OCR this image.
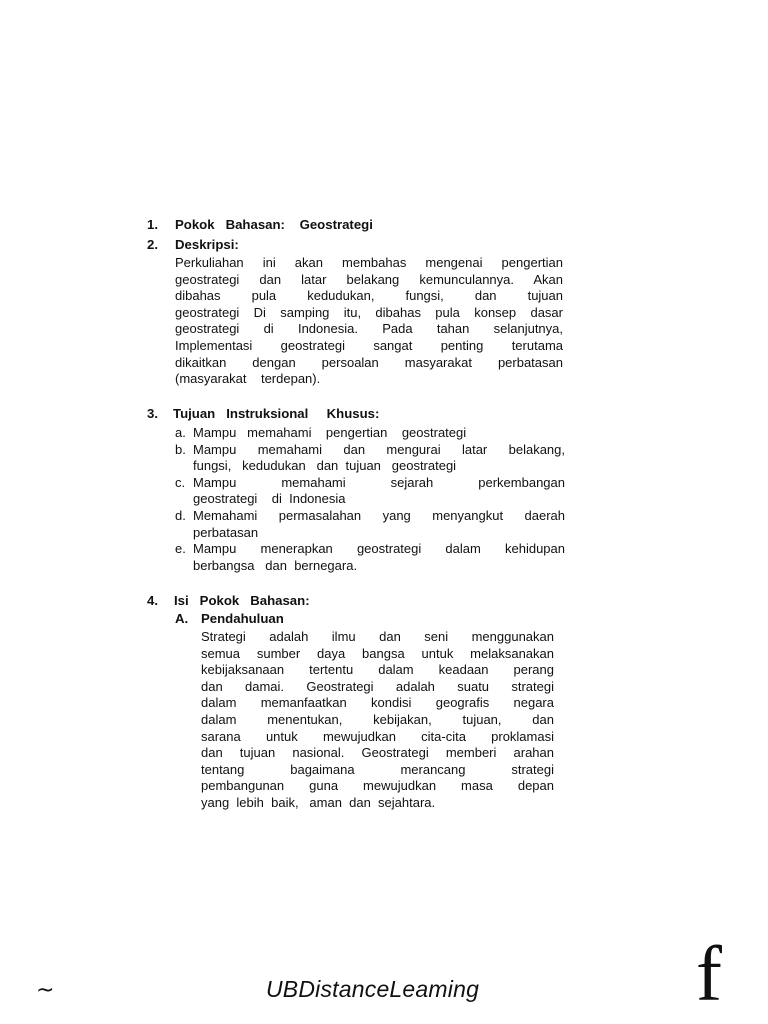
1. Pokok   Bahasan:    Geostrategi
2. Deskripsi:
Perkuliahan ini akan membahas mengenai pengertian
geostrategi dan latar belakang kemunculannya. Akan
dibahas pula kedudukan, fungsi, dan tujuan
geostrategi Di samping itu, dibahas pula konsep dasar
geostrategi di Indonesia. Pada tahan selanjutnya,
Implementasi geostrategi sangat penting terutama
dikaitkan dengan persoalan masyarakat perbatasan
(masyarakat    terdepan).
3. Tujuan   Instruksional     Khusus:
a. Mampu   memahami    pengertian    geostrategi
b. Mampu memahami dan mengurai latar belakang,
fungsi,   kedudukan   dan  tujuan   geostrategi
c. Mampu memahami sejarah perkembangan
geostrategi    di  Indonesia
d. Memahami permasalahan yang menyangkut daerah
perbatasan
e. Mampu menerapkan geostrategi dalam kehidupan
berbangsa   dan  bernegara.
4. Isi   Pokok   Bahasan:
A. Pendahuluan
Strategi adalah ilmu dan seni menggunakan
semua sumber daya bangsa untuk melaksanakan
kebijaksanaan tertentu dalam keadaan perang
dan damai. Geostrategi adalah suatu strategi
dalam memanfaatkan kondisi geografis negara
dalam menentukan, kebijakan, tujuan, dan
sarana untuk mewujudkan cita-cita proklamasi
dan tujuan nasional. Geostrategi memberi arahan
tentang bagaimana merancang strategi
pembangunan guna mewujudkan masa depan
yang  lebih  baik,   aman  dan  sejahtara.
~	UBDistanceLeaming	f
